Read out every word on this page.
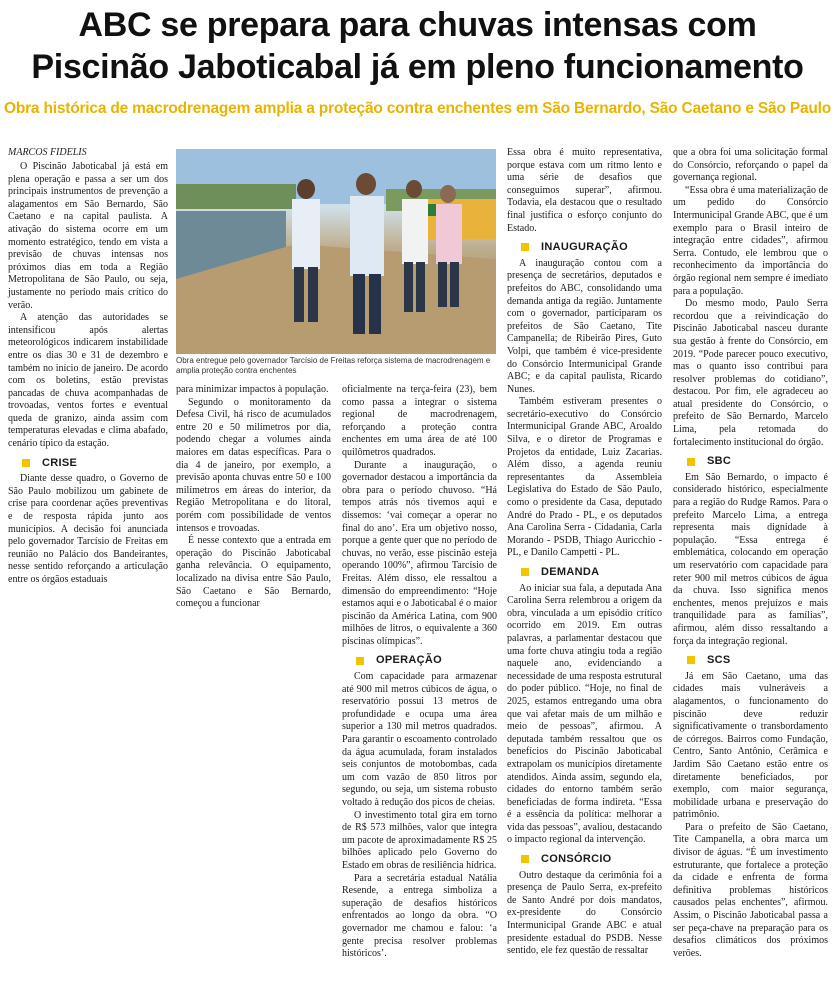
ABC se prepara para chuvas intensas com
Piscinão Jaboticabal já em pleno funcionamento
Obra histórica de macrodrenagem amplia a proteção contra enchentes em São Bernardo, São Caetano e São Paulo
MARCOS FIDELIS

O Piscinão Jaboticabal já está em plena operação e passa a ser um dos principais instrumentos de prevenção a alagamentos em São Bernardo, São Caetano e na capital paulista. A ativação do sistema ocorre em um momento estratégico, tendo em vista a previsão de chuvas intensas nos próximos dias em toda a Região Metropolitana de São Paulo, ou seja, justamente no período mais crítico do verão.

A atenção das autoridades se intensificou após alertas meteorológicos indicarem instabilidade entre os dias 30 e 31 de dezembro e também no início de janeiro. De acordo com os boletins, estão previstas pancadas de chuva acompanhadas de trovoadas, ventos fortes e eventual queda de granizo, ainda assim com temperaturas elevadas e clima abafado, cenário típico da estação.

CRISE

Diante desse quadro, o Governo de São Paulo mobilizou um gabinete de crise para coordenar ações preventivas e de resposta rápida junto aos municípios. A decisão foi anunciada pelo governador Tarcísio de Freitas em reunião no Palácio dos Bandeirantes, nesse sentido reforçando a articulação entre os órgãos estaduais

Obra entregue pelo governador Tarcísio de Freitas reforça sistema de macrodrenagem e amplia proteção contra enchentes

para minimizar impactos à população.

Segundo o monitoramento da Defesa Civil, há risco de acumulados entre 20 e 50 milímetros por dia, podendo chegar a volumes ainda maiores em datas específicas. Para o dia 4 de janeiro, por exemplo, a previsão aponta chuvas entre 50 e 100 milímetros em áreas do interior, da Região Metropolitana e do litoral, porém com possibilidade de ventos intensos e trovoadas.

É nesse contexto que a entrada em operação do Piscinão Jaboticabal ganha relevância. O equipamento, localizado na divisa entre São Paulo, São Caetano e São Bernardo, começou a funcionar

oficialmente na terça-feira (23), bem como passa a integrar o sistema regional de macrodrenagem, reforçando a proteção contra enchentes em uma área de até 100 quilômetros quadrados.

Durante a inauguração, o governador destacou a importância da obra para o período chuvoso. “Há tempos atrás nós tivemos aqui e dissemos: ‘vai começar a operar no final do ano’. Era um objetivo nosso, porque a gente quer que no período de chuvas, no verão, esse piscinão esteja operando 100%”, afirmou Tarcísio de Freitas. Além disso, ele ressaltou a dimensão do empreendimento: “Hoje estamos aqui e o Jaboticabal é o maior piscinão da América Latina, com 900 milhões de litros, o equivalente a 360 piscinas olímpicas”.

OPERAÇÃO

Com capacidade para armazenar até 900 mil metros cúbicos de água, o reservatório possui 13 metros de profundidade e ocupa uma área superior a 130 mil metros quadrados. Para garantir o escoamento controlado da água acumulada, foram instalados seis conjuntos de motobombas, cada um com vazão de 850 litros por segundo, ou seja, um sistema robusto voltado à redução dos picos de cheias.

O investimento total gira em torno de R$ 573 milhões, valor que integra um pacote de aproximadamente R$ 25 bilhões aplicado pelo Governo do Estado em obras de resiliência hídrica.

Para a secretária estadual Natália Resende, a entrega simboliza a superação de desafios históricos enfrentados ao longo da obra. “O governador me chamou e falou: ‘a gente precisa resolver problemas históricos’.

Essa obra é muito representativa, porque estava com um ritmo lento e uma série de desafios que conseguimos superar”, afirmou. Todavia, ela destacou que o resultado final justifica o esforço conjunto do Estado.

INAUGURAÇÃO

A inauguração contou com a presença de secretários, deputados e prefeitos do ABC, consolidando uma demanda antiga da região. Juntamente com o governador, participaram os prefeitos de São Caetano, Tite Campanella; de Ribeirão Pires, Guto Volpi, que também é vice-presidente do Consórcio Intermunicipal Grande ABC; e da capital paulista, Ricardo Nunes.

Também estiveram presentes o secretário-executivo do Consórcio Intermunicipal Grande ABC, Aroaldo Silva, e o diretor de Programas e Projetos da entidade, Luiz Zacarias. Além disso, a agenda reuniu representantes da Assembleia Legislativa do Estado de São Paulo, como o presidente da Casa, deputado André do Prado - PL, e os deputados Ana Carolina Serra - Cidadania, Carla Morando - PSDB, Thiago Auricchio - PL, e Danilo Campetti - PL.

DEMANDA

Ao iniciar sua fala, a deputada Ana Carolina Serra relembrou a origem da obra, vinculada a um episódio crítico ocorrido em 2019. Em outras palavras, a parlamentar destacou que uma forte chuva atingiu toda a região naquele ano, evidenciando a necessidade de uma resposta estrutural do poder público. “Hoje, no final de 2025, estamos entregando uma obra que vai afetar mais de um milhão e meio de pessoas”, afirmou. A deputada também ressaltou que os benefícios do Piscinão Jaboticabal extrapolam os municípios diretamente atendidos. Ainda assim, segundo ela, cidades do entorno também serão beneficiadas de forma indireta. “Essa é a essência da política: melhorar a vida das pessoas”, avaliou, destacando o impacto regional da intervenção.

CONSÓRCIO

Outro destaque da cerimônia foi a presença de Paulo Serra, ex-prefeito de Santo André por dois mandatos, ex-presidente do Consórcio Intermunicipal Grande ABC e atual presidente estadual do PSDB. Nesse sentido, ele fez questão de ressaltar

que a obra foi uma solicitação formal do Consórcio, reforçando o papel da governança regional.

“Essa obra é uma materialização de um pedido do Consórcio Intermunicipal Grande ABC, que é um exemplo para o Brasil inteiro de integração entre cidades”, afirmou Serra. Contudo, ele lembrou que o reconhecimento da importância do órgão regional nem sempre é imediato para a população.

Do mesmo modo, Paulo Serra recordou que a reivindicação do Piscinão Jaboticabal nasceu durante sua gestão à frente do Consórcio, em 2019. “Pode parecer pouco executivo, mas o quanto isso contribui para resolver problemas do cotidiano”, destacou. Por fim, ele agradeceu ao atual presidente do Consórcio, o prefeito de São Bernardo, Marcelo Lima, pela retomada do fortalecimento institucional do órgão.

SBC

Em São Bernardo, o impacto é considerado histórico, especialmente para a região do Rudge Ramos. Para o prefeito Marcelo Lima, a entrega representa mais dignidade à população. “Essa entrega é emblemática, colocando em operação um reservatório com capacidade para reter 900 mil metros cúbicos de água da chuva. Isso significa menos enchentes, menos prejuízos e mais tranquilidade para as famílias”, afirmou, além disso ressaltando a força da integração regional.

SCS

Já em São Caetano, uma das cidades mais vulneráveis a alagamentos, o funcionamento do piscinão deve reduzir significativamente o transbordamento de córregos. Bairros como Fundação, Centro, Santo Antônio, Cerâmica e Jardim São Caetano estão entre os diretamente beneficiados, por exemplo, com maior segurança, mobilidade urbana e preservação do patrimônio.

Para o prefeito de São Caetano, Tite Campanella, a obra marca um divisor de águas. “É um investimento estruturante, que fortalece a proteção da cidade e enfrenta de forma definitiva problemas históricos causados pelas enchentes”, afirmou. Assim, o Piscinão Jaboticabal passa a ser peça-chave na preparação para os desafios climáticos dos próximos verões.
